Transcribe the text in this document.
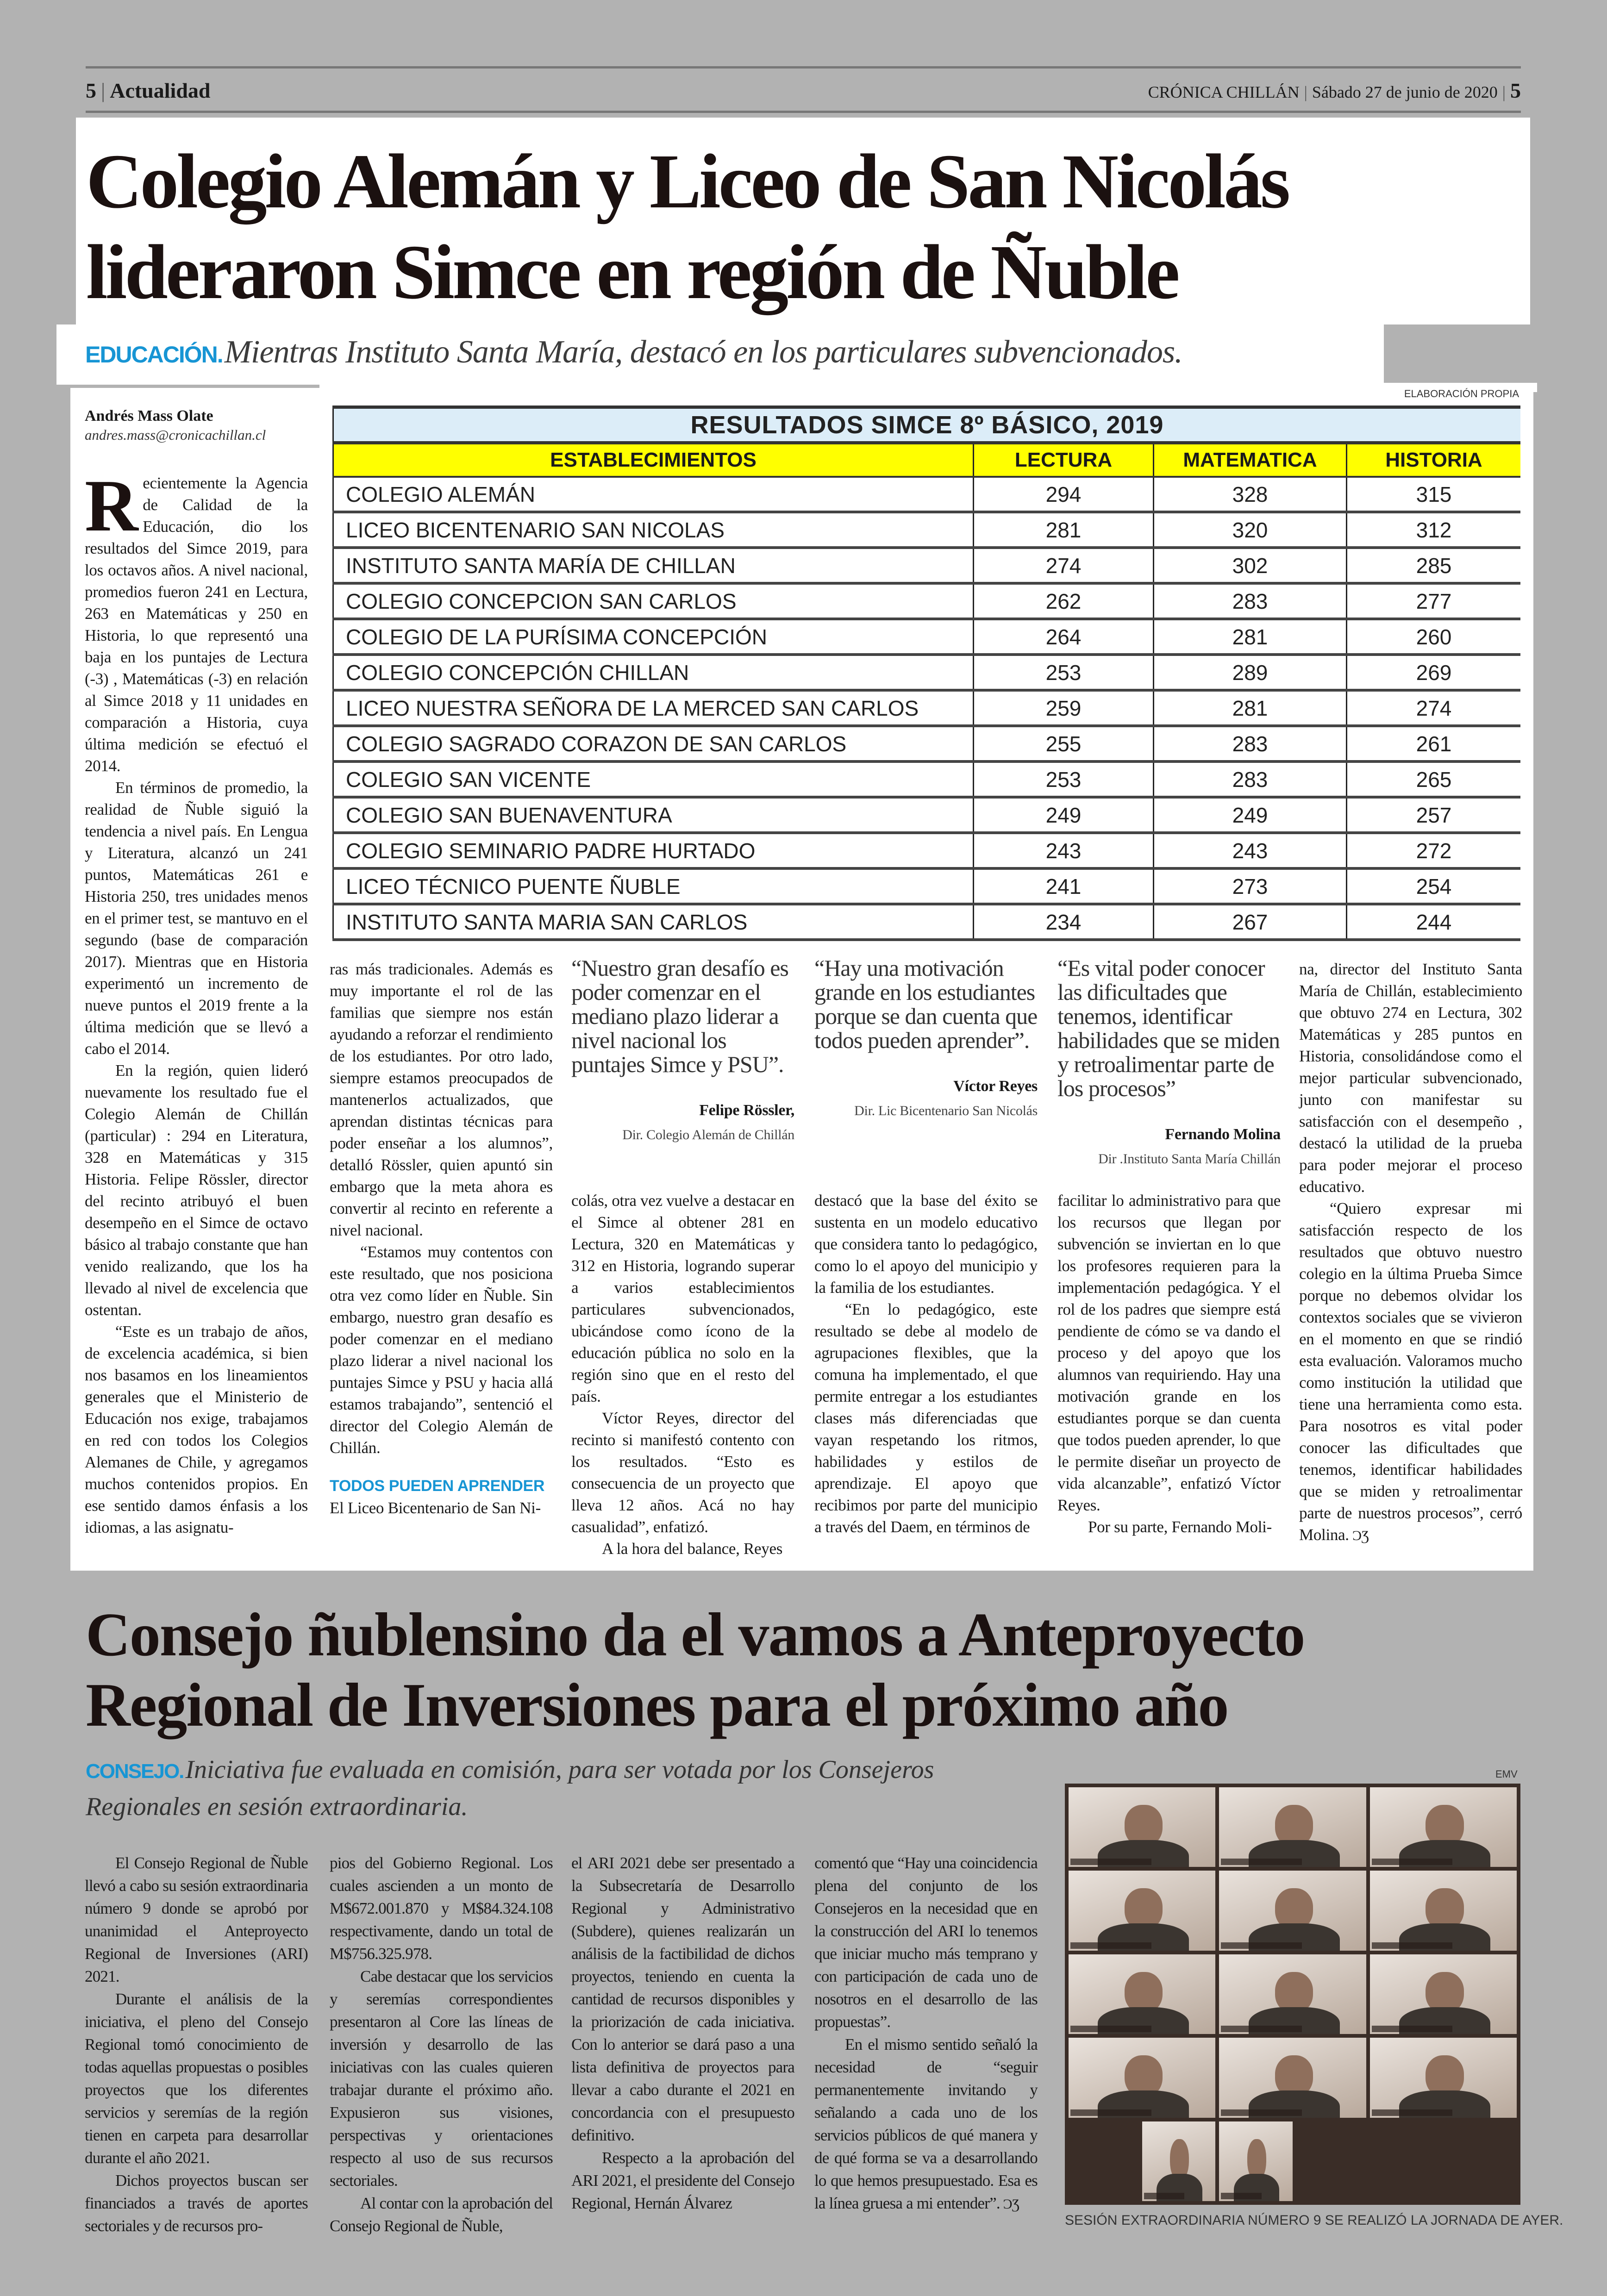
5 | Actualidad	CRÓNICA CHILLÁN | Sábado 27 de junio de 2020 | 5
Colegio Alemán y Liceo de San Nicolás
lideraron Simce en región de Ñuble
EDUCACIÓN. Mientras Instituto Santa María, destacó en los particulares subvencionados.
Andrés Mass Olate
andres.mass@cronicachillan.cl

Recientemente la Agencia de Calidad de la Educación, dio los resultados del Simce 2019, para los octavos años. A nivel nacional, promedios fueron 241 en Lectura, 263 en Matemáticas y 250 en Historia, lo que representó una baja en los puntajes de Lectura (-3) , Matemáticas (-3) en relación al Simce 2018 y 11 unidades en comparación a Historia, cuya última medición se efectuó el 2014.

En términos de promedio, la realidad de Ñuble siguió la tendencia a nivel país. En Lengua y Literatura, alcanzó un 241 puntos, Matemáticas 261 e Historia 250, tres unidades menos en el primer test, se mantuvo en el segundo (base de comparación 2017). Mientras que en Historia experimentó un incremento de nueve puntos el 2019 frente a la última medición que se llevó a cabo el 2014.

En la región, quien lideró nuevamente los resultado fue el Colegio Alemán de Chillán (particular) : 294 en Literatura, 328 en Matemáticas y 315 Historia. Felipe Rössler, director del recinto atribuyó el buen desempeño en el Simce de octavo básico al trabajo constante que han venido realizando, que los ha llevado al nivel de excelencia que ostentan.

“Este es un trabajo de años, de excelencia académica, si bien nos basamos en los lineamientos generales que el Ministerio de Educación nos exige, trabajamos en red con todos los Colegios Alemanes de Chile, y agregamos muchos contenidos propios. En ese sentido damos énfasis a los idiomas, a las asignatu-

ELABORACIÓN PROPIA
RESULTADOS SIMCE 8º BÁSICO, 2019			
ESTABLECIMIENTOS	LECTURA	MATEMATICA	HISTORIA
COLEGIO ALEMÁN	294	328	315
LICEO BICENTENARIO SAN NICOLAS	281	320	312
INSTITUTO SANTA MARÍA DE CHILLAN	274	302	285
COLEGIO CONCEPCION SAN CARLOS	262	283	277
COLEGIO DE LA PURÍSIMA CONCEPCIÓN	264	281	260
COLEGIO CONCEPCIÓN CHILLAN	253	289	269
LICEO NUESTRA SEÑORA DE LA MERCED SAN CARLOS	259	281	274
COLEGIO SAGRADO CORAZON DE SAN CARLOS	255	283	261
COLEGIO SAN VICENTE	253	283	265
COLEGIO SAN BUENAVENTURA	249	249	257
COLEGIO SEMINARIO PADRE HURTADO	243	243	272
LICEO TÉCNICO PUENTE ÑUBLE	241	273	254
INSTITUTO SANTA MARIA SAN CARLOS	234	267	244

ras más tradicionales. Además es muy importante el rol de las familias que siempre nos están ayudando a reforzar el rendimiento de los estudiantes. Por otro lado, siempre estamos preocupados de mantenerlos actualizados, que aprendan distintas técnicas para poder enseñar a los alumnos”, detalló Rössler, quien apuntó sin embargo que la meta ahora es convertir al recinto en referente a nivel nacional.

“Estamos muy contentos con este resultado, que nos posiciona otra vez como líder en Ñuble. Sin embargo, nuestro gran desafío es poder comenzar en el mediano plazo liderar a nivel nacional los puntajes Simce y PSU y hacia allá estamos trabajando”, sentenció el director del Colegio Alemán de Chillán.

TODOS PUEDEN APRENDER

El Liceo Bicentenario de San Ni-

“Nuestro gran desafío es poder comenzar en el mediano plazo liderar a nivel nacional los puntajes Simce y PSU”.
Felipe Rössler,
Dir. Colegio Alemán de Chillán

colás, otra vez vuelve a destacar en el Simce al obtener 281 en Lectura, 320 en Matemáticas y 312 en Historia, logrando superar a varios establecimientos particulares subvencionados, ubicándose como ícono de la educación pública no solo en la región sino que en el resto del país.

Víctor Reyes, director del recinto si manifestó contento con los resultados. “Esto es consecuencia de un proyecto que lleva 12 años. Acá no hay casualidad”, enfatizó.

A la hora del balance, Reyes

“Hay una motivación grande en los estudiantes porque se dan cuenta que todos pueden aprender”.
Víctor Reyes
Dir. Lic Bicentenario San Nicolás

destacó que la base del éxito se sustenta en un modelo educativo que considera tanto lo pedagógico, como lo el apoyo del municipio y la familia de los estudiantes.

“En lo pedagógico, este resultado se debe al modelo de agrupaciones flexibles, que la comuna ha implementado, el que permite entregar a los estudiantes clases más diferenciadas que vayan respetando los ritmos, habilidades y estilos de aprendizaje. El apoyo que recibimos por parte del municipio a través del Daem, en términos de

“Es vital poder conocer las dificultades que tenemos, identificar habilidades que se miden y retroalimentar parte de los procesos”
Fernando Molina
Dir .Instituto Santa María Chillán

facilitar lo administrativo para que los recursos que llegan por subvención se inviertan en lo que los profesores requieren para la implementación pedagógica. Y el rol de los padres que siempre está pendiente de cómo se va dando el proceso y del apoyo que los alumnos van requiriendo. Hay una motivación grande en los estudiantes porque se dan cuenta que todos pueden aprender, lo que le permite diseñar un proyecto de vida alcanzable”, enfatizó Víctor Reyes.

Por su parte, Fernando Moli-

na, director del Instituto Santa María de Chillán, establecimiento que obtuvo 274 en Lectura, 302 Matemáticas y 285 puntos en Historia, consolidándose como el mejor particular subvencionado, junto con manifestar su satisfacción con el desempeño , destacó la utilidad de la prueba para poder mejorar el proceso educativo.

“Quiero expresar mi satisfacción respecto de los resultados que obtuvo nuestro colegio en la última Prueba Simce porque no debemos olvidar los contextos sociales que se vivieron en el momento en que se rindió esta evaluación. Valoramos mucho como institución la utilidad que tiene una herramienta como esta. Para nosotros es vital poder conocer las dificultades que tenemos, identificar habilidades que se miden y retroalimentar parte de nuestros procesos”, cerró Molina. ƆƷ

Consejo ñublensino da el vamos a Anteproyecto
Regional de Inversiones para el próximo año
CONSEJO. Iniciativa fue evaluada en comisión, para ser votada por los Consejeros Regionales en sesión extraordinaria.

El Consejo Regional de Ñuble llevó a cabo su sesión extraordinaria número 9 donde se aprobó por unanimidad el Anteproyecto Regional de Inversiones (ARI) 2021.

Durante el análisis de la iniciativa, el pleno del Consejo Regional tomó conocimiento de todas aquellas propuestas o posibles proyectos que los diferentes servicios y seremías de la región tienen en carpeta para desarrollar durante el año 2021.

Dichos proyectos buscan ser financiados a través de aportes sectoriales y de recursos pro-

pios del Gobierno Regional. Los cuales ascienden a un monto de M$672.001.870 y M$84.324.108 respectivamente, dando un total de M$756.325.978.

Cabe destacar que los servicios y seremías correspondientes presentaron al Core las líneas de inversión y desarrollo de las iniciativas con las cuales quieren trabajar durante el próximo año. Expusieron sus visiones, perspectivas y orientaciones respecto al uso de sus recursos sectoriales.

Al contar con la aprobación del Consejo Regional de Ñuble,

el ARI 2021 debe ser presentado a la Subsecretaría de Desarrollo Regional y Administrativo (Subdere), quienes realizarán un análisis de la factibilidad de dichos proyectos, teniendo en cuenta la cantidad de recursos disponibles y la priorización de cada iniciativa. Con lo anterior se dará paso a una lista definitiva de proyectos para llevar a cabo durante el 2021 en concordancia con el presupuesto definitivo.

Respecto a la aprobación del ARI 2021, el presidente del Consejo Regional, Hernán Álvarez

comentó que “Hay una coincidencia plena del conjunto de los Consejeros en la necesidad que en la construcción del ARI lo tenemos que iniciar mucho más temprano y con participación de cada uno de nosotros en el desarrollo de las propuestas”.

En el mismo sentido señaló la necesidad de “seguir permanentemente invitando y señalando a cada uno de los servicios públicos de qué manera y de qué forma se va a desarrollando lo que hemos presupuestado. Esa es la línea gruesa a mi entender”. ƆƷ

EMV
SESIÓN EXTRAORDINARIA NÚMERO 9 SE REALIZÓ LA JORNADA DE AYER.
